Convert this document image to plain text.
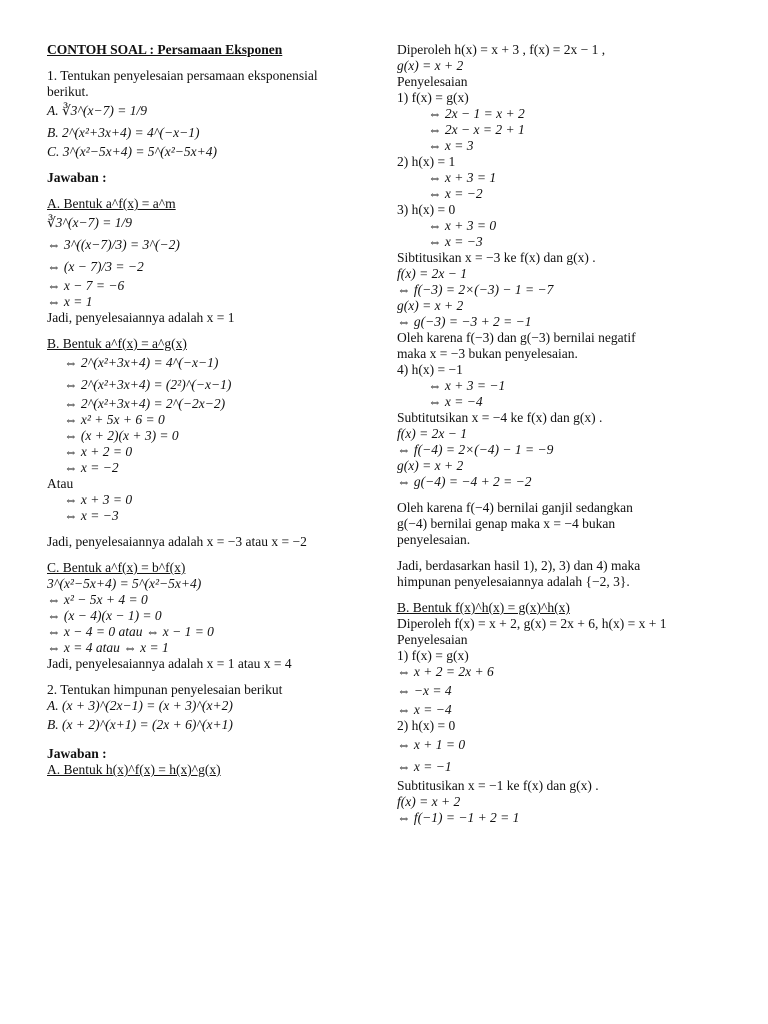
CONTOH SOAL : Persamaan Eksponen
1. Tentukan penyelesaian persamaan eksponensial
berikut.
A. ∛3^(x−7) = 1/9
B. 2^(x²+3x+4) = 4^(−x−1)
C. 3^(x²−5x+4) = 5^(x²−5x+4)
Jawaban :
A. Bentuk a^f(x) = a^m
∛3^(x−7) = 1/9
⇔ 3^((x−7)/3) = 3^(−2)
⇔ (x − 7)/3 = −2
⇔ x − 7 = −6
⇔ x = 1
Jadi, penyelesaiannya adalah x = 1
B. Bentuk a^f(x) = a^g(x)
⇔ 2^(x²+3x+4) = 4^(−x−1)
⇔ 2^(x²+3x+4) = (2²)^(−x−1)
⇔ 2^(x²+3x+4) = 2^(−2x−2)
⇔ x² + 5x + 6 = 0
⇔ (x + 2)(x + 3) = 0
⇔ x + 2 = 0
⇔ x = −2
Atau
⇔ x + 3 = 0
⇔ x = −3
Jadi, penyelesaiannya adalah x = −3 atau x = −2
C. Bentuk a^f(x) = b^f(x)
3^(x²−5x+4) = 5^(x²−5x+4)
⇔ x² − 5x + 4 = 0
⇔ (x − 4)(x − 1) = 0
⇔ x − 4 = 0 atau ⇔ x − 1 = 0
⇔ x = 4 atau ⇔ x = 1
Jadi, penyelesaiannya adalah x = 1 atau x = 4
2. Tentukan himpunan penyelesaian berikut
A. (x + 3)^(2x−1) = (x + 3)^(x+2)
B. (x + 2)^(x+1) = (2x + 6)^(x+1)
Jawaban :
A. Bentuk h(x)^f(x) = h(x)^g(x)
Diperoleh h(x) = x + 3 , f(x) = 2x − 1 ,
g(x) = x + 2
Penyelesaian
1) f(x) = g(x)
⇔ 2x − 1 = x + 2
⇔ 2x − x = 2 + 1
⇔ x = 3
2) h(x) = 1
⇔ x + 3 = 1
⇔ x = −2
3) h(x) = 0
⇔ x + 3 = 0
⇔ x = −3
Sibtitusikan x = −3 ke f(x) dan g(x) .
f(x) = 2x − 1
⇔ f(−3) = 2×(−3) − 1 = −7
g(x) = x + 2
⇔ g(−3) = −3 + 2 = −1
Oleh karena f(−3) dan g(−3) bernilai negatif
maka x = −3 bukan penyelesaian.
4) h(x) = −1
⇔ x + 3 = −1
⇔ x = −4
Subtitutsikan x = −4 ke f(x) dan g(x) .
f(x) = 2x − 1
⇔ f(−4) = 2×(−4) − 1 = −9
g(x) = x + 2
⇔ g(−4) = −4 + 2 = −2
Oleh karena f(−4) bernilai ganjil sedangkan
g(−4) bernilai genap maka x = −4 bukan
penyelesaian.
Jadi, berdasarkan hasil 1), 2), 3) dan 4) maka
himpunan penyelesaiannya adalah {−2, 3}.
B. Bentuk f(x)^h(x) = g(x)^h(x)
Diperoleh f(x) = x + 2, g(x) = 2x + 6, h(x) = x + 1
Penyelesaian
1) f(x) = g(x)
⇔ x + 2 = 2x + 6
⇔ −x = 4
⇔ x = −4
2) h(x) = 0
⇔ x + 1 = 0
⇔ x = −1
Subtitusikan x = −1 ke f(x) dan g(x) .
f(x) = x + 2
⇔ f(−1) = −1 + 2 = 1
